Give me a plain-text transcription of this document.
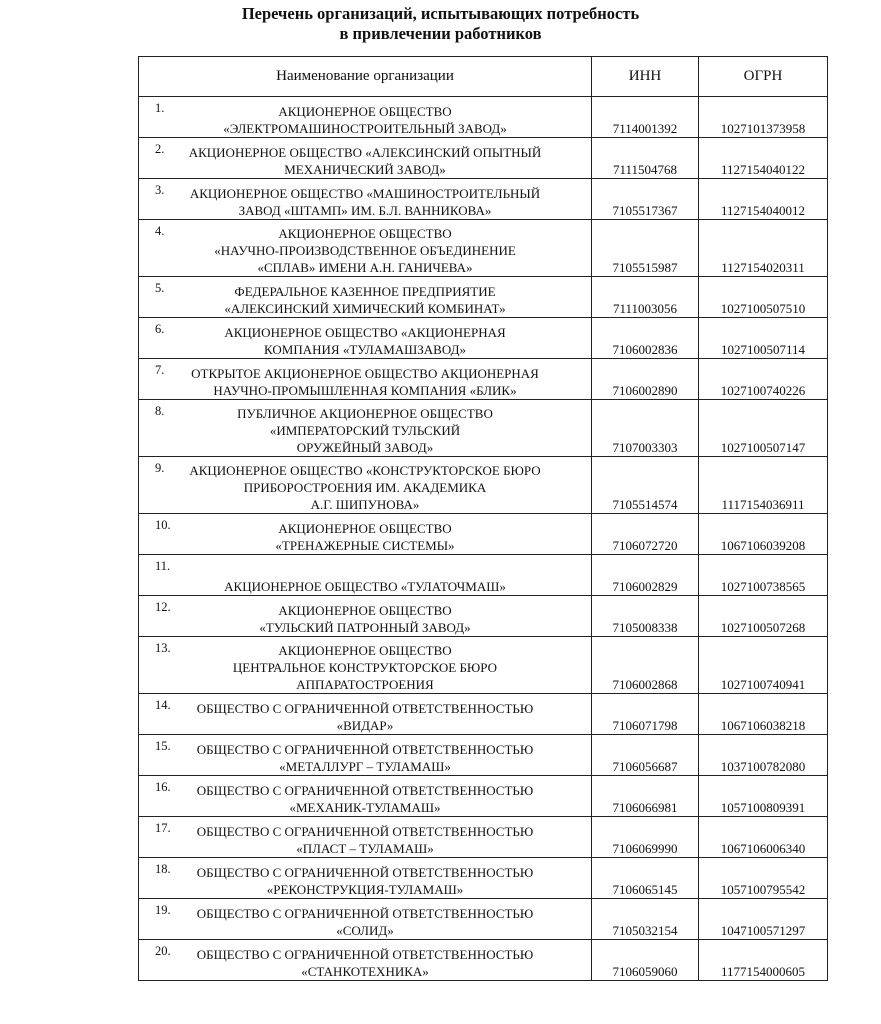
Перечень организаций, испытывающих потребность
в привлечении работников
Наименование организации	ИНН	ОГРН

1. АКЦИОНЕРНОЕ ОБЩЕСТВО
«ЭЛЕКТРОМАШИНОСТРОИТЕЛЬНЫЙ ЗАВОД»	7114001392	1027101373958

2. АКЦИОНЕРНОЕ ОБЩЕСТВО «АЛЕКСИНСКИЙ ОПЫТНЫЙ
МЕХАНИЧЕСКИЙ ЗАВОД»	7111504768	1127154040122

3. АКЦИОНЕРНОЕ ОБЩЕСТВО «МАШИНОСТРОИТЕЛЬНЫЙ
ЗАВОД «ШТАМП» ИМ. Б.Л. ВАННИКОВА»	7105517367	1127154040012

4. АКЦИОНЕРНОЕ ОБЩЕСТВО
«НАУЧНО-ПРОИЗВОДСТВЕННОЕ ОБЪЕДИНЕНИЕ
«СПЛАВ» ИМЕНИ А.Н. ГАНИЧЕВА»	7105515987	1127154020311

5. ФЕДЕРАЛЬНОЕ КАЗЕННОЕ ПРЕДПРИЯТИЕ
«АЛЕКСИНСКИЙ ХИМИЧЕСКИЙ КОМБИНАТ»	7111003056	1027100507510

6. АКЦИОНЕРНОЕ ОБЩЕСТВО «АКЦИОНЕРНАЯ
КОМПАНИЯ «ТУЛАМАШЗАВОД»	7106002836	1027100507114

7. ОТКРЫТОЕ АКЦИОНЕРНОЕ ОБЩЕСТВО АКЦИОНЕРНАЯ
НАУЧНО-ПРОМЫШЛЕННАЯ КОМПАНИЯ «БЛИК»	7106002890	1027100740226

8. ПУБЛИЧНОЕ АКЦИОНЕРНОЕ ОБЩЕСТВО
«ИМПЕРАТОРСКИЙ ТУЛЬСКИЙ
ОРУЖЕЙНЫЙ ЗАВОД»	7107003303	1027100507147

9. АКЦИОНЕРНОЕ ОБЩЕСТВО «КОНСТРУКТОРСКОЕ БЮРО
ПРИБОРОСТРОЕНИЯ ИМ. АКАДЕМИКА
А.Г. ШИПУНОВА»	7105514574	1117154036911

10. АКЦИОНЕРНОЕ ОБЩЕСТВО
«ТРЕНАЖЕРНЫЕ СИСТЕМЫ»	7106072720	1067106039208

11.
АКЦИОНЕРНОЕ ОБЩЕСТВО «ТУЛАТОЧМАШ»	7106002829	1027100738565

12. АКЦИОНЕРНОЕ ОБЩЕСТВО
«ТУЛЬСКИЙ ПАТРОННЫЙ ЗАВОД»	7105008338	1027100507268

13. АКЦИОНЕРНОЕ ОБЩЕСТВО
ЦЕНТРАЛЬНОЕ КОНСТРУКТОРСКОЕ БЮРО
АППАРАТОСТРОЕНИЯ	7106002868	1027100740941

14. ОБЩЕСТВО С ОГРАНИЧЕННОЙ ОТВЕТСТВЕННОСТЬЮ
«ВИДАР»	7106071798	1067106038218

15. ОБЩЕСТВО С ОГРАНИЧЕННОЙ ОТВЕТСТВЕННОСТЬЮ
«МЕТАЛЛУРГ – ТУЛАМАШ»	7106056687	1037100782080

16. ОБЩЕСТВО С ОГРАНИЧЕННОЙ ОТВЕТСТВЕННОСТЬЮ
«МЕХАНИК-ТУЛАМАШ»	7106066981	1057100809391

17. ОБЩЕСТВО С ОГРАНИЧЕННОЙ ОТВЕТСТВЕННОСТЬЮ
«ПЛАСТ – ТУЛАМАШ»	7106069990	1067106006340

18. ОБЩЕСТВО С ОГРАНИЧЕННОЙ ОТВЕТСТВЕННОСТЬЮ
«РЕКОНСТРУКЦИЯ-ТУЛАМАШ»	7106065145	1057100795542

19. ОБЩЕСТВО С ОГРАНИЧЕННОЙ ОТВЕТСТВЕННОСТЬЮ
«СОЛИД»	7105032154	1047100571297

20. ОБЩЕСТВО С ОГРАНИЧЕННОЙ ОТВЕТСТВЕННОСТЬЮ
«СТАНКОТЕХНИКА»	7106059060	1177154000605
